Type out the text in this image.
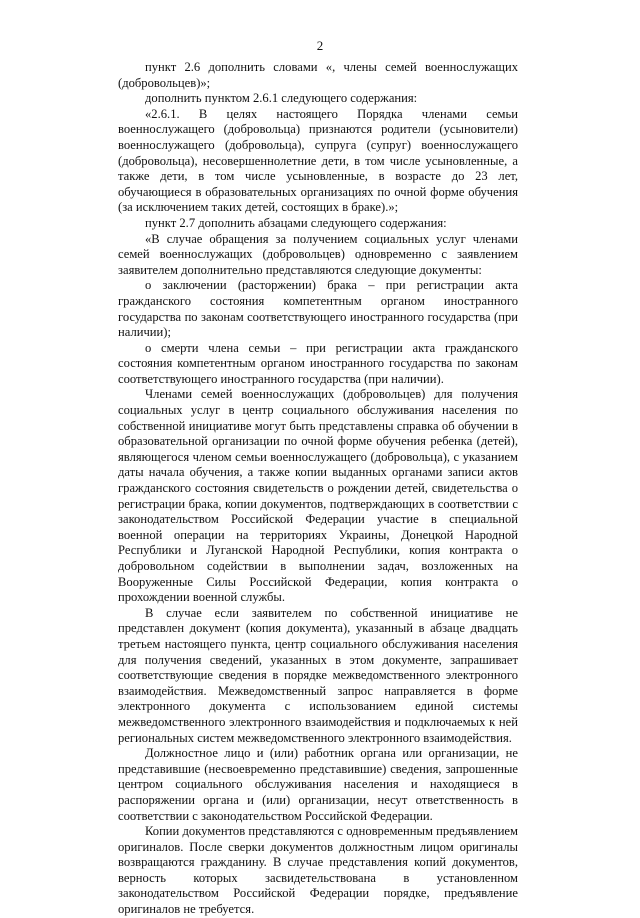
2

пункт 2.6 дополнить словами «, члены семей военнослужащих (добровольцев)»;

дополнить пунктом 2.6.1 следующего содержания:

«2.6.1. В целях настоящего Порядка членами семьи военнослужащего (добровольца) признаются родители (усыновители) военнослужащего (добровольца), супруга (супруг) военнослужащего (добровольца), несовершеннолетние дети, в том числе усыновленные, а также дети, в том числе усыновленные, в возрасте до 23 лет, обучающиеся в образовательных организациях по очной форме обучения (за исключением таких детей, состоящих в браке).»;

пункт 2.7 дополнить абзацами следующего содержания:

«В случае обращения за получением социальных услуг членами семей военнослужащих (добровольцев) одновременно с заявлением заявителем дополнительно представляются следующие документы:

о заключении (расторжении) брака – при регистрации акта гражданского состояния компетентным органом иностранного государства по законам соответствующего иностранного государства (при наличии);

о смерти члена семьи – при регистрации акта гражданского состояния компетентным органом иностранного государства по законам соответствующего иностранного государства (при наличии).

Членами семей военнослужащих (добровольцев) для получения социальных услуг в центр социального обслуживания населения по собственной инициативе могут быть представлены справка об обучении в образовательной организации по очной форме обучения ребенка (детей), являющегося членом семьи военнослужащего (добровольца), с указанием даты начала обучения, а также копии выданных органами записи актов гражданского состояния свидетельств о рождении детей, свидетельства о регистрации брака, копии документов, подтверждающих в соответствии с законодательством Российской Федерации участие в специальной военной операции на территориях Украины, Донецкой Народной Республики и Луганской Народной Республики, копия контракта о добровольном содействии в выполнении задач, возложенных на Вооруженные Силы Российской Федерации, копия контракта о прохождении военной службы.

В случае если заявителем по собственной инициативе не представлен документ (копия документа), указанный в абзаце двадцать третьем настоящего пункта, центр социального обслуживания населения для получения сведений, указанных в этом документе, запрашивает соответствующие сведения в порядке межведомственного электронного взаимодействия. Межведомственный запрос направляется в форме электронного документа с использованием единой системы межведомственного электронного взаимодействия и подключаемых к ней региональных систем межведомственного электронного взаимодействия.

Должностное лицо и (или) работник органа или организации, не представившие (несвоевременно представившие) сведения, запрошенные центром социального обслуживания населения и находящиеся в распоряжении органа и (или) организации, несут ответственность в соответствии с законодательством Российской Федерации.

Копии документов представляются с одновременным предъявлением оригиналов. После сверки документов должностным лицом оригиналы возвращаются гражданину. В случае представления копий документов, верность которых засвидетельствована в установленном законодательством Российской Федерации порядке, предъявление оригиналов не требуется.
